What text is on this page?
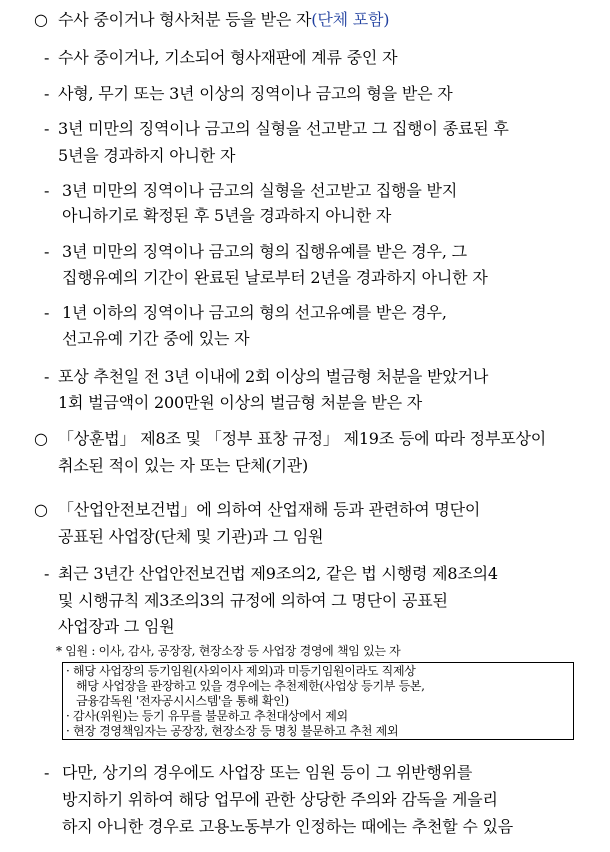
○ 수사 중이거나 형사처분 등을 받은 자(단체 포함)
- 수사 중이거나, 기소되어 형사재판에 계류 중인 자
- 사형, 무기 또는 3년 이상의 징역이나 금고의 형을 받은 자
- 3년 미만의 징역이나 금고의 실형을 선고받고 그 집행이 종료된 후
5년을 경과하지 아니한 자
- 3년 미만의 징역이나 금고의 실형을 선고받고 집행을 받지
아니하기로 확정된 후 5년을 경과하지 아니한 자
- 3년 미만의 징역이나 금고의 형의 집행유예를 받은 경우, 그
집행유예의 기간이 완료된 날로부터 2년을 경과하지 아니한 자
- 1년 이하의 징역이나 금고의 형의 선고유예를 받은 경우,
선고유예 기간 중에 있는 자
- 포상 추천일 전 3년 이내에 2회 이상의 벌금형 처분을 받았거나
1회 벌금액이 200만원 이상의 벌금형 처분을 받은 자
○ 「상훈법」 제8조 및 「정부 표창 규정」 제19조 등에 따라 정부포상이
취소된 적이 있는 자 또는 단체(기관)
○ 「산업안전보건법」에 의하여 산업재해 등과 관련하여 명단이
공표된 사업장(단체 및 기관)과 그 임원
- 최근 3년간 산업안전보건법 제9조의2, 같은 법 시행령 제8조의4
및 시행규칙 제3조의3의 규정에 의하여 그 명단이 공표된
사업장과 그 임원
* 임원 : 이사, 감사, 공장장, 현장소장 등 사업장 경영에 책임 있는 자
· 해당 사업장의 등기임원(사외이사 제외)과 미등기임원이라도 직제상
해당 사업장을 관장하고 있을 경우에는 추천제한(사업상 등기부 등본,
금융감독원 '전자공시시스템'을 통해 확인)
· 감사(위원)는 등기 유무를 불문하고 추천대상에서 제외
· 현장 경영책임자는 공장장, 현장소장 등 명칭 불문하고 추천 제외
- 다만, 상기의 경우에도 사업장 또는 임원 등이 그 위반행위를
방지하기 위하여 해당 업무에 관한 상당한 주의와 감독을 게을리
하지 아니한 경우로 고용노동부가 인정하는 때에는 추천할 수 있음
